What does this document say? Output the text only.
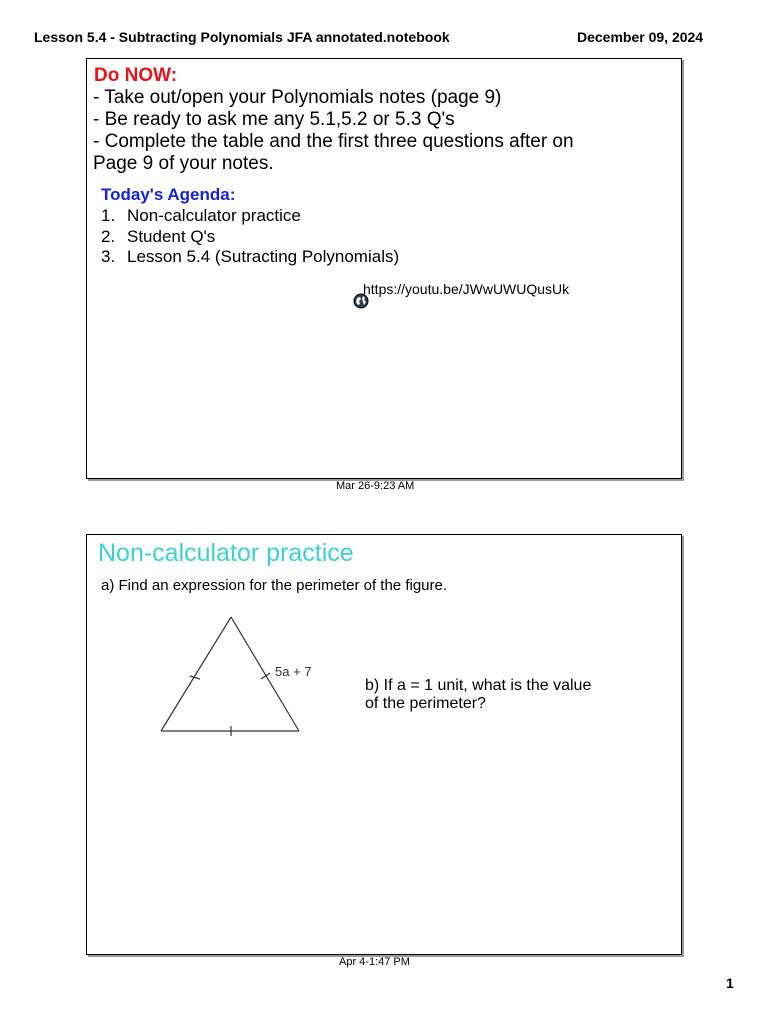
Lesson 5.4 - Subtracting Polynomials JFA annotated.notebook	December 09, 2024
Do NOW:
- Take out/open your Polynomials notes (page 9)
- Be ready to ask me any 5.1,5.2 or 5.3 Q's
- Complete the table and the first three questions after on
Page 9 of your notes.
Today's Agenda:
1. Non-calculator practice
2. Student Q's
3. Lesson 5.4 (Sutracting Polynomials)
https://youtu.be/JWwUWUQusUk
Mar 26-9:23 AM
Non-calculator practice
a) Find an expression for the perimeter of the figure.
5a + 7
b) If a = 1 unit, what is the value of the perimeter?
Apr 4-1:47 PM
1
